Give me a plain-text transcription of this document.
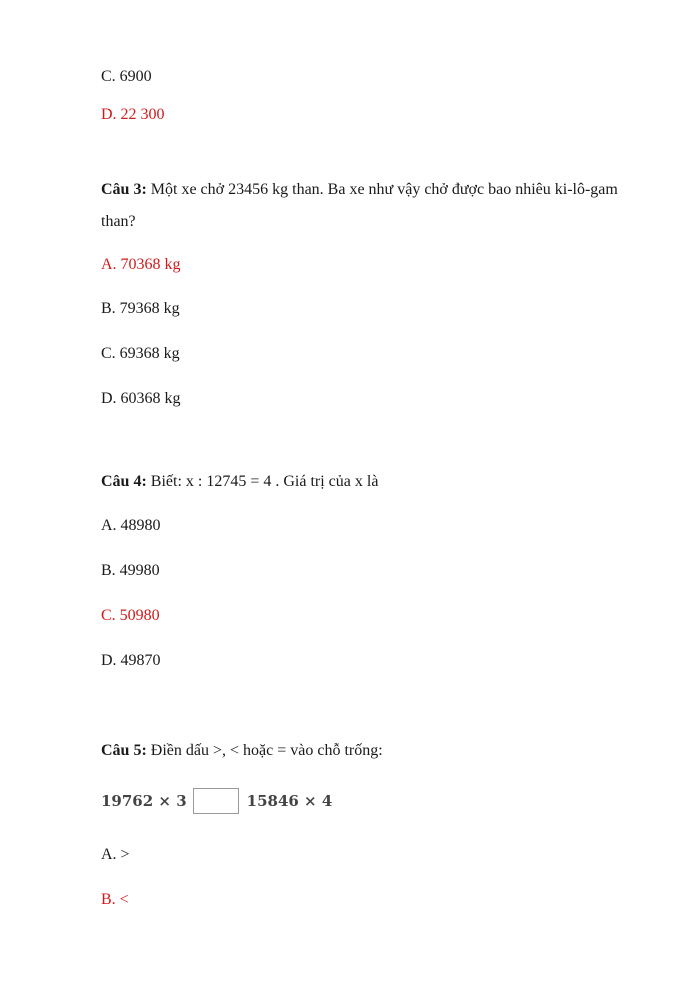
C. 6900
D. 22 300
Câu 3: Một xe chở 23456 kg than. Ba xe như vậy chở được bao nhiêu ki-lô-gam
than?
A. 70368 kg
B. 79368 kg
C. 69368 kg
D. 60368 kg
Câu 4: Biết: x : 12745 = 4 . Giá trị của x là
A. 48980
B. 49980
C. 50980
D. 49870
Câu 5: Điền dấu >, < hoặc = vào chỗ trống:
19762 × 3	15846 × 4
A. >
B. <
